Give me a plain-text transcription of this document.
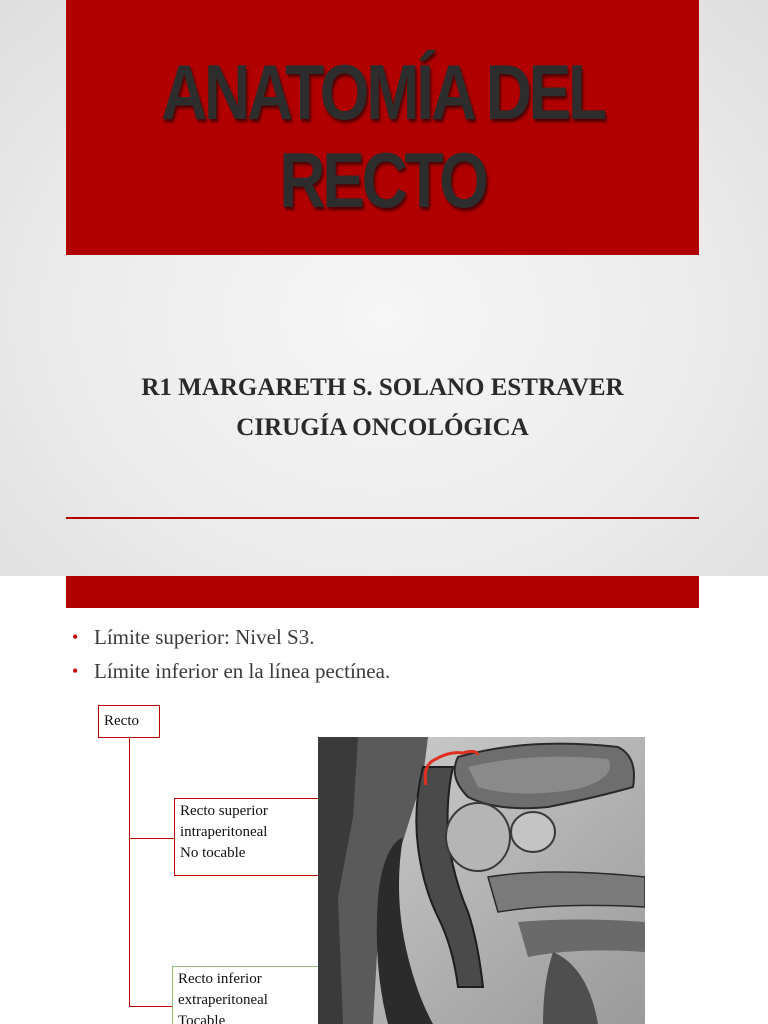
ANATOMÍA DEL
RECTO
R1 MARGARETH S. SOLANO ESTRAVER
CIRUGÍA ONCOLÓGICA
• Límite superior: Nivel S3.
• Límite inferior en la línea pectínea.
Recto
Recto superior
intraperitoneal
No tocable
Recto inferior
extraperitoneal
Tocable
